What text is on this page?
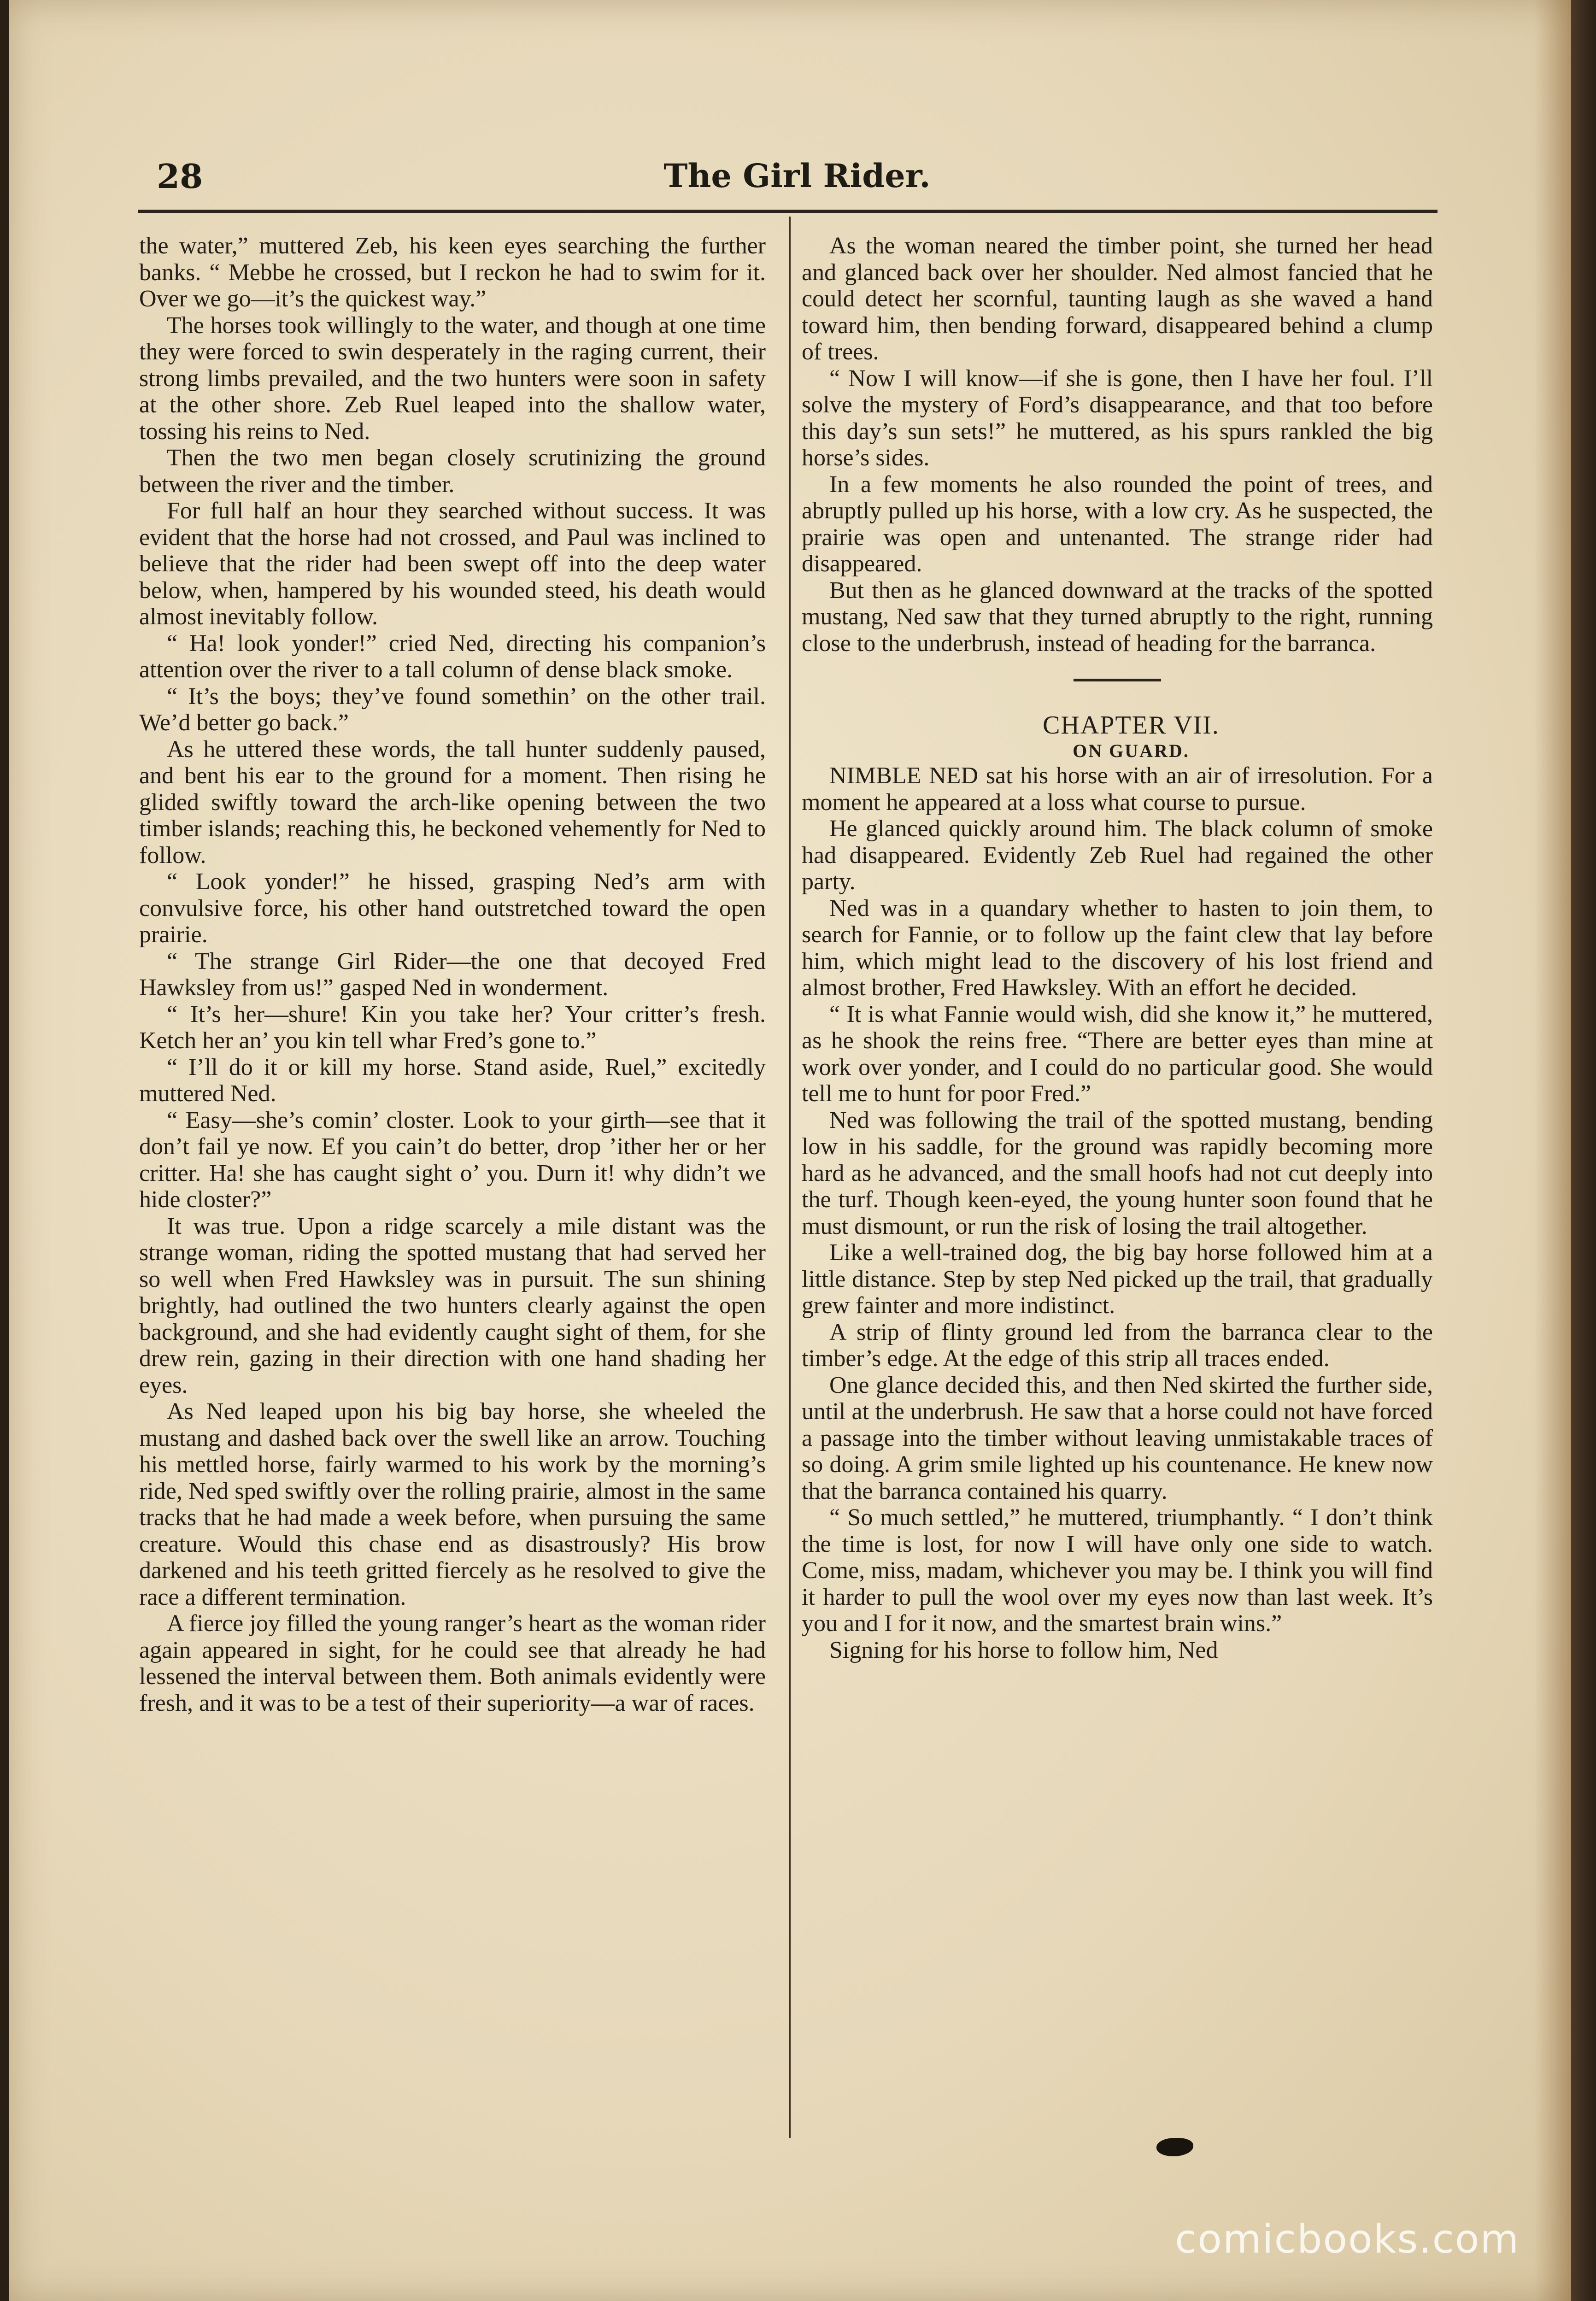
28	The Girl Rider.

the water,” muttered Zeb, his keen eyes searching the further banks. “ Mebbe he crossed, but I reckon he had to swim for it. Over we go—it’s the quickest way.”

The horses took willingly to the water, and though at one time they were forced to swin desperately in the raging current, their strong limbs prevailed, and the two hunters were soon in safety at the other shore. Zeb Ruel leaped into the shallow water, tossing his reins to Ned.

Then the two men began closely scrutinizing the ground between the river and the timber.

For full half an hour they searched without success. It was evident that the horse had not crossed, and Paul was inclined to believe that the rider had been swept off into the deep water below, when, hampered by his wounded steed, his death would almost inevitably follow.

“ Ha! look yonder!” cried Ned, directing his companion’s attention over the river to a tall column of dense black smoke.

“ It’s the boys; they’ve found somethin’ on the other trail. We’d better go back.”

As he uttered these words, the tall hunter suddenly paused, and bent his ear to the ground for a moment. Then rising he glided swiftly toward the arch-like opening between the two timber islands; reaching this, he beckoned vehemently for Ned to follow.

“ Look yonder!” he hissed, grasping Ned’s arm with convulsive force, his other hand outstretched toward the open prairie.

“ The strange Girl Rider—the one that decoyed Fred Hawksley from us!” gasped Ned in wonderment.

“ It’s her—shure! Kin you take her? Your critter’s fresh. Ketch her an’ you kin tell whar Fred’s gone to.”

“ I’ll do it or kill my horse. Stand aside, Ruel,” excitedly muttered Ned.

“ Easy—she’s comin’ closter. Look to your girth—see that it don’t fail ye now. Ef you cain’t do better, drop ’ither her or her critter. Ha! she has caught sight o’ you. Durn it! why didn’t we hide closter?”

It was true. Upon a ridge scarcely a mile distant was the strange woman, riding the spotted mustang that had served her so well when Fred Hawksley was in pursuit. The sun shining brightly, had outlined the two hunters clearly against the open background, and she had evidently caught sight of them, for she drew rein, gazing in their direction with one hand shading her eyes.

As Ned leaped upon his big bay horse, she wheeled the mustang and dashed back over the swell like an arrow. Touching his mettled horse, fairly warmed to his work by the morning’s ride, Ned sped swiftly over the rolling prairie, almost in the same tracks that he had made a week before, when pursuing the same creature. Would this chase end as disastrously? His brow darkened and his teeth gritted fiercely as he resolved to give the race a different termination.

A fierce joy filled the young ranger’s heart as the woman rider again appeared in sight, for he could see that already he had lessened the interval between them. Both animals evidently were fresh, and it was to be a test of their superiority—a war of races.

As the woman neared the timber point, she turned her head and glanced back over her shoulder. Ned almost fancied that he could detect her scornful, taunting laugh as she waved a hand toward him, then bending forward, disappeared behind a clump of trees.

“ Now I will know—if she is gone, then I have her foul. I’ll solve the mystery of Ford’s disappearance, and that too before this day’s sun sets!” he muttered, as his spurs rankled the big horse’s sides.

In a few moments he also rounded the point of trees, and abruptly pulled up his horse, with a low cry. As he suspected, the prairie was open and untenanted. The strange rider had disappeared.

But then as he glanced downward at the tracks of the spotted mustang, Ned saw that they turned abruptly to the right, running close to the underbrush, instead of heading for the barranca.

CHAPTER VII.

ON GUARD.

NIMBLE NED sat his horse with an air of irresolution. For a moment he appeared at a loss what course to pursue.

He glanced quickly around him. The black column of smoke had disappeared. Evidently Zeb Ruel had regained the other party.

Ned was in a quandary whether to hasten to join them, to search for Fannie, or to follow up the faint clew that lay before him, which might lead to the discovery of his lost friend and almost brother, Fred Hawksley. With an effort he decided.

“ It is what Fannie would wish, did she know it,” he muttered, as he shook the reins free. “There are better eyes than mine at work over yonder, and I could do no particular good. She would tell me to hunt for poor Fred.”

Ned was following the trail of the spotted mustang, bending low in his saddle, for the ground was rapidly becoming more hard as he advanced, and the small hoofs had not cut deeply into the turf. Though keen-eyed, the young hunter soon found that he must dismount, or run the risk of losing the trail altogether.

Like a well-trained dog, the big bay horse followed him at a little distance. Step by step Ned picked up the trail, that gradually grew fainter and more indistinct.

A strip of flinty ground led from the barranca clear to the timber’s edge. At the edge of this strip all traces ended.

One glance decided this, and then Ned skirted the further side, until at the underbrush. He saw that a horse could not have forced a passage into the timber without leaving unmistakable traces of so doing. A grim smile lighted up his countenance. He knew now that the barranca contained his quarry.

“ So much settled,” he muttered, triumphantly. “ I don’t think the time is lost, for now I will have only one side to watch. Come, miss, madam, whichever you may be. I think you will find it harder to pull the wool over my eyes now than last week. It’s you and I for it now, and the smartest brain wins.”

Signing for his horse to follow him, Ned

comicbooks.com
